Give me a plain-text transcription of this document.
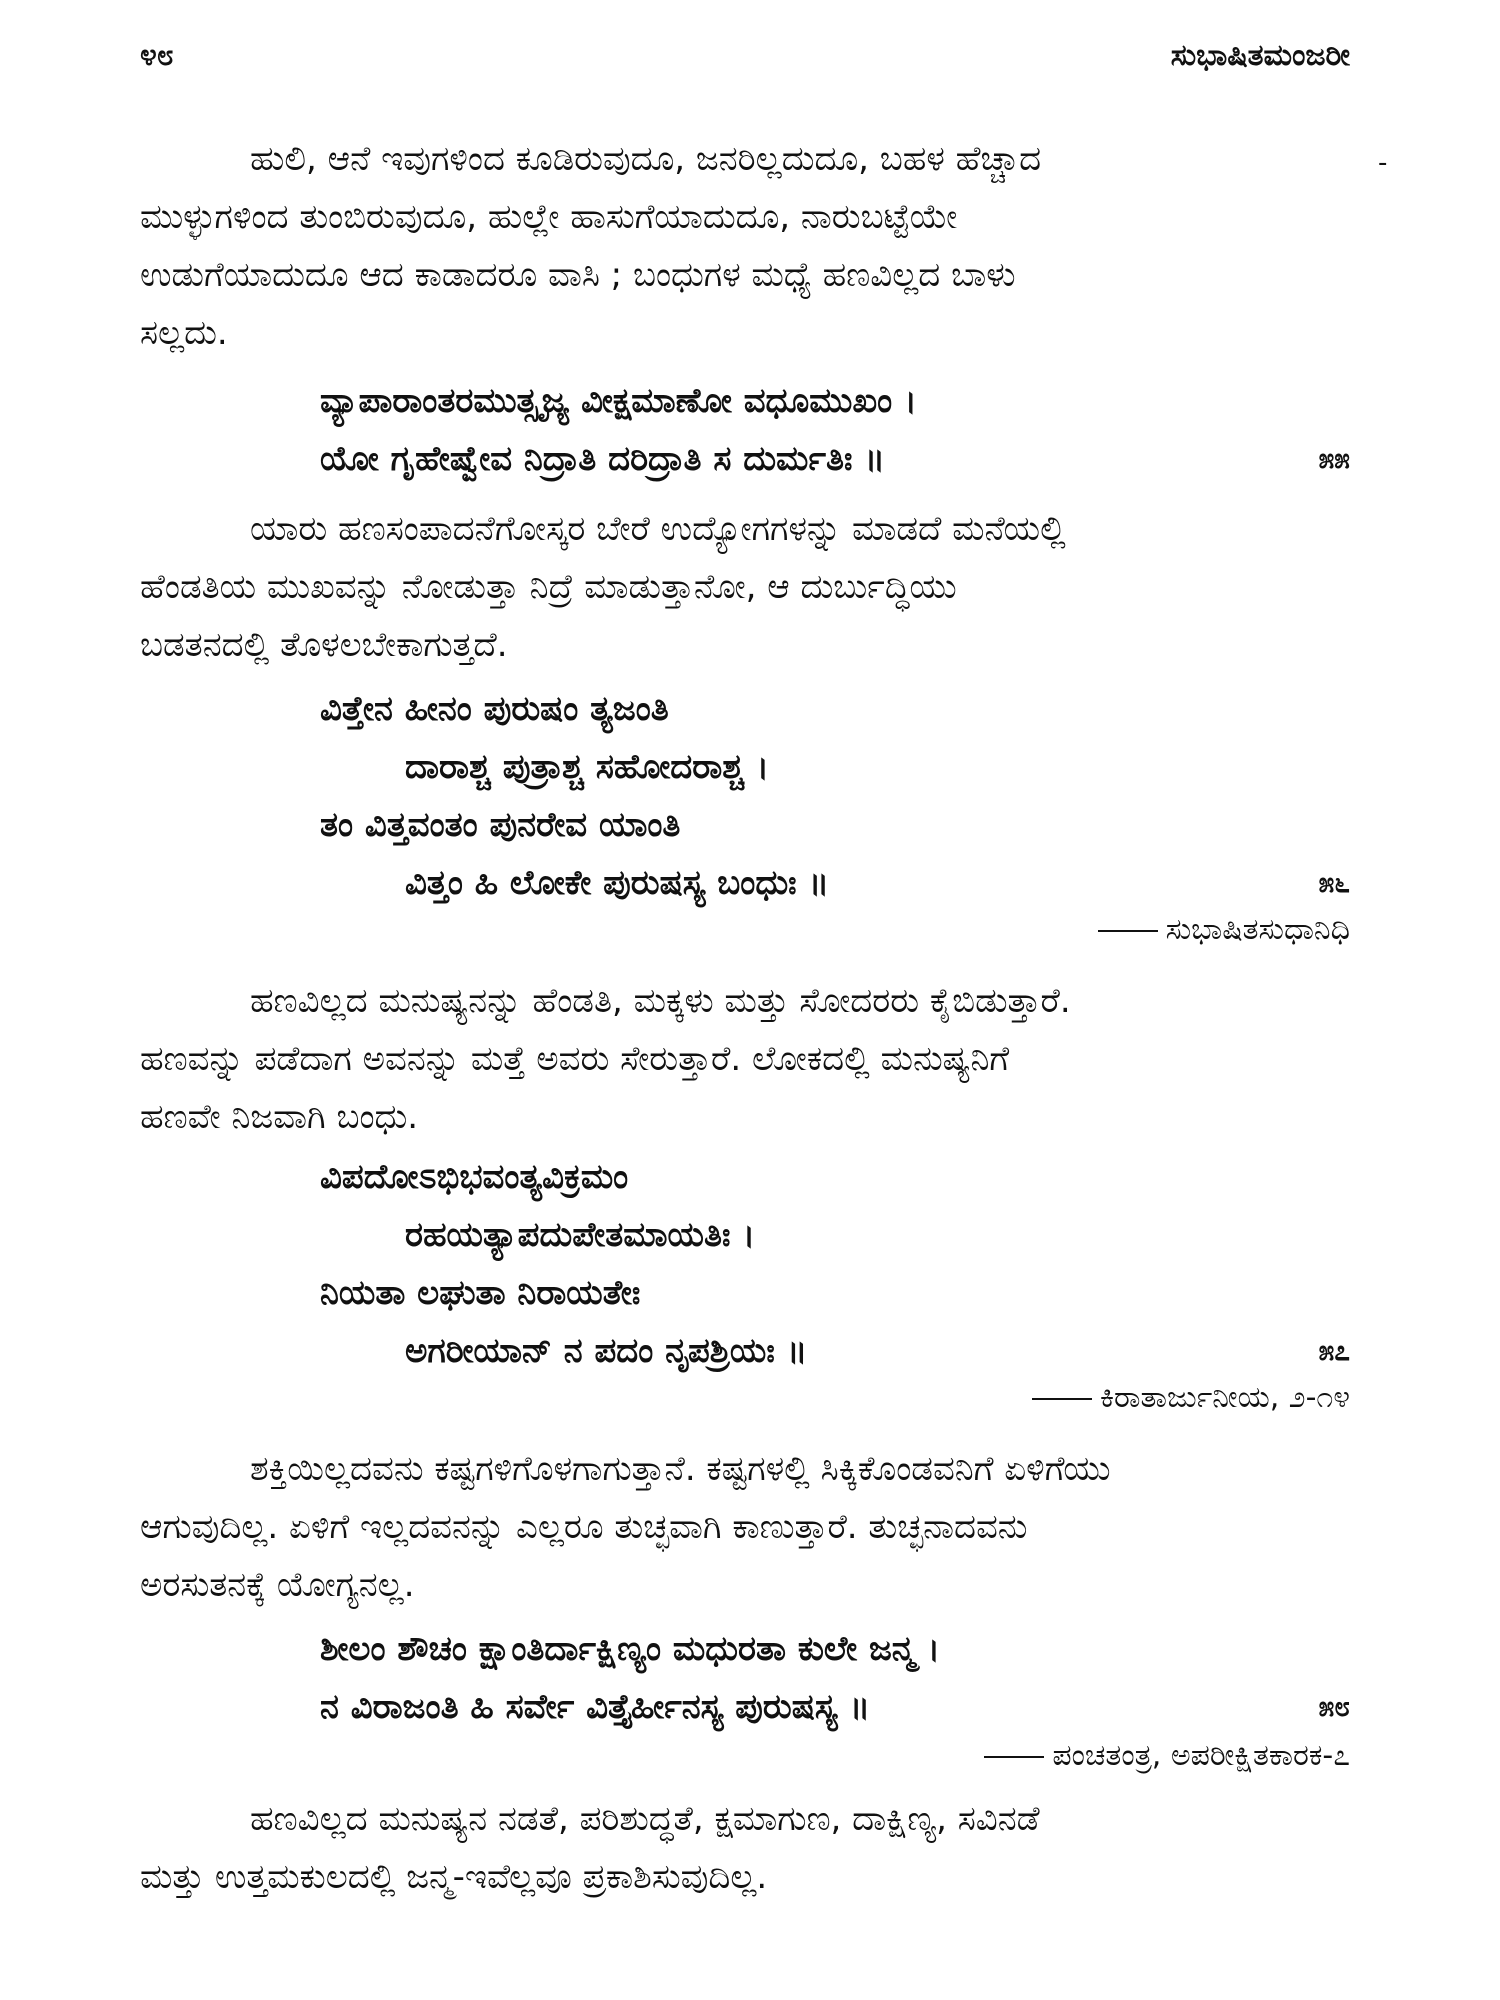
೪೮	ಸುಭಾಷಿತಮಂಜರೀ
-
ಹುಲಿ, ಆನೆ ಇವುಗಳಿಂದ ಕೂಡಿರುವುದೂ, ಜನರಿಲ್ಲದುದೂ, ಬಹಳ ಹೆಚ್ಚಾದ
ಮುಳ್ಳುಗಳಿಂದ ತುಂಬಿರುವುದೂ, ಹುಲ್ಲೇ ಹಾಸುಗೆಯಾದುದೂ, ನಾರುಬಟ್ಟೆಯೇ
ಉಡುಗೆಯಾದುದೂ ಆದ ಕಾಡಾದರೂ ವಾಸಿ ; ಬಂಧುಗಳ ಮಧ್ಯೆ ಹಣವಿಲ್ಲದ ಬಾಳು
ಸಲ್ಲದು.
ವ್ಯಾಪಾರಾಂತರಮುತ್ಸೃಜ್ಯ ವೀಕ್ಷಮಾಣೋ ವಧೂಮುಖಂ ।
ಯೋ ಗೃಹೇಷ್ವೇವ ನಿದ್ರಾತಿ ದರಿದ್ರಾತಿ ಸ ದುರ್ಮತಿಃ ॥	೫೫
ಯಾರು ಹಣಸಂಪಾದನೆಗೋಸ್ಕರ ಬೇರೆ ಉದ್ಯೋಗಗಳನ್ನು ಮಾಡದೆ ಮನೆಯಲ್ಲಿ
ಹೆಂಡತಿಯ ಮುಖವನ್ನು ನೋಡುತ್ತಾ ನಿದ್ರೆ ಮಾಡುತ್ತಾನೋ, ಆ ದುರ್ಬುದ್ಧಿಯು
ಬಡತನದಲ್ಲಿ ತೊಳಲಬೇಕಾಗುತ್ತದೆ.
ವಿತ್ತೇನ ಹೀನಂ ಪುರುಷಂ ತ್ಯಜಂತಿ
ದಾರಾಶ್ಚ ಪುತ್ರಾಶ್ಚ ಸಹೋದರಾಶ್ಚ ।
ತಂ ವಿತ್ತವಂತಂ ಪುನರೇವ ಯಾಂತಿ
ವಿತ್ತಂ ಹಿ ಲೋಕೇ ಪುರುಷಸ್ಯ ಬಂಧುಃ ॥	೫೬
ಸುಭಾಷಿತಸುಧಾನಿಧಿ
ಹಣವಿಲ್ಲದ ಮನುಷ್ಯನನ್ನು ಹೆಂಡತಿ, ಮಕ್ಕಳು ಮತ್ತು ಸೋದರರು ಕೈಬಿಡುತ್ತಾರೆ.
ಹಣವನ್ನು ಪಡೆದಾಗ ಅವನನ್ನು ಮತ್ತೆ ಅವರು ಸೇರುತ್ತಾರೆ. ಲೋಕದಲ್ಲಿ ಮನುಷ್ಯನಿಗೆ
ಹಣವೇ ನಿಜವಾಗಿ ಬಂಧು.
ವಿಪದೋಽಭಿಭವಂತ್ಯವಿಕ್ರಮಂ
ರಹಯತ್ಯಾಪದುಪೇತಮಾಯತಿಃ ।
ನಿಯತಾ ಲಘುತಾ ನಿರಾಯತೇಃ
ಅಗರೀಯಾನ್ ನ ಪದಂ ನೃಪಶ್ರಿಯಃ ॥	೫೭
ಕಿರಾತಾರ್ಜುನೀಯ, ೨-೧೪
ಶಕ್ತಿಯಿಲ್ಲದವನು ಕಷ್ಟಗಳಿಗೊಳಗಾಗುತ್ತಾನೆ. ಕಷ್ಟಗಳಲ್ಲಿ ಸಿಕ್ಕಿಕೊಂಡವನಿಗೆ ಏಳಿಗೆಯು
ಆಗುವುದಿಲ್ಲ. ಏಳಿಗೆ ಇಲ್ಲದವನನ್ನು ಎಲ್ಲರೂ ತುಚ್ಛವಾಗಿ ಕಾಣುತ್ತಾರೆ. ತುಚ್ಛನಾದವನು
ಅರಸುತನಕ್ಕೆ ಯೋಗ್ಯನಲ್ಲ.
ಶೀಲಂ ಶೌಚಂ ಕ್ಷಾಂತಿರ್ದಾಕ್ಷಿಣ್ಯಂ ಮಧುರತಾ ಕುಲೇ ಜನ್ಮ ।
ನ ವಿರಾಜಂತಿ ಹಿ ಸರ್ವೇ ವಿತ್ತೈರ್ಹೀನಸ್ಯ ಪುರುಷಸ್ಯ ॥	೫೮
ಪಂಚತಂತ್ರ, ಅಪರೀಕ್ಷಿತಕಾರಕ-೭
ಹಣವಿಲ್ಲದ ಮನುಷ್ಯನ ನಡತೆ, ಪರಿಶುದ್ಧತೆ, ಕ್ಷಮಾಗುಣ, ದಾಕ್ಷಿಣ್ಯ, ಸವಿನಡೆ
ಮತ್ತು ಉತ್ತಮಕುಲದಲ್ಲಿ ಜನ್ಮ-ಇವೆಲ್ಲವೂ ಪ್ರಕಾಶಿಸುವುದಿಲ್ಲ.
